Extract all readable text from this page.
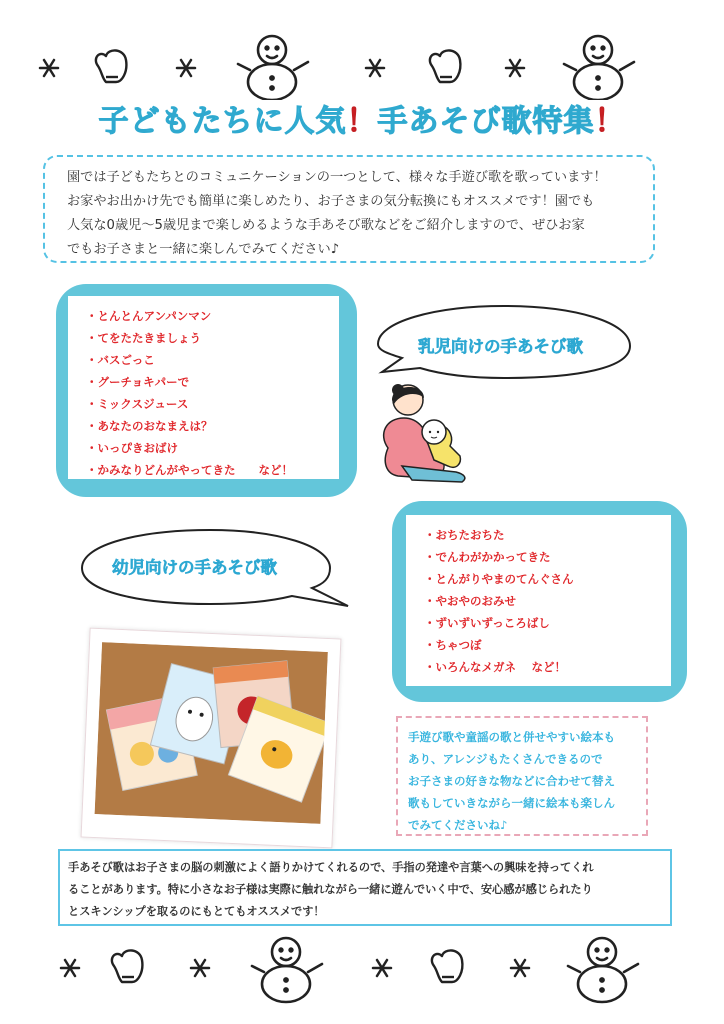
子どもたちに人気！手あそび歌特集！
園では子どもたちとのコミュニケーションの一つとして、様々な手遊び歌を歌っています！
お家やお出かけ先でも簡単に楽しめたり、お子さまの気分転換にもオススメです！園でも
人気な0歳児～5歳児まで楽しめるような手あそび歌などをご紹介しますので、ぜひお家
でもお子さまと一緒に楽しんでみてください♪
・とんとんアンパンマン
・てをたたきましょう
・バスごっこ
・グーチョキパーで
・ミックスジュース
・あなたのおなまえは？
・いっぴきおばけ
・かみなりどんがやってきた　　など！
乳児向けの手あそび歌
・おちたおちた
・でんわがかかってきた
・とんがりやまのてんぐさん
・やおやのおみせ
・ずいずいずっころばし
・ちゃつぼ
・いろんなメガネ　 など！
幼児向けの手あそび歌
手遊び歌や童謡の歌と併せやすい絵本も
あり、アレンジもたくさんできるので
お子さまの好きな物などに合わせて替え
歌もしていきながら一緒に絵本も楽しん
でみてくださいね♪
手あそび歌はお子さまの脳の刺激によく語りかけてくれるので、手指の発達や言葉への興味を持ってくれ
ることがあります。特に小さなお子様は実際に触れながら一緒に遊んでいく中で、安心感が感じられたり
とスキンシップを取るのにもとてもオススメです！
